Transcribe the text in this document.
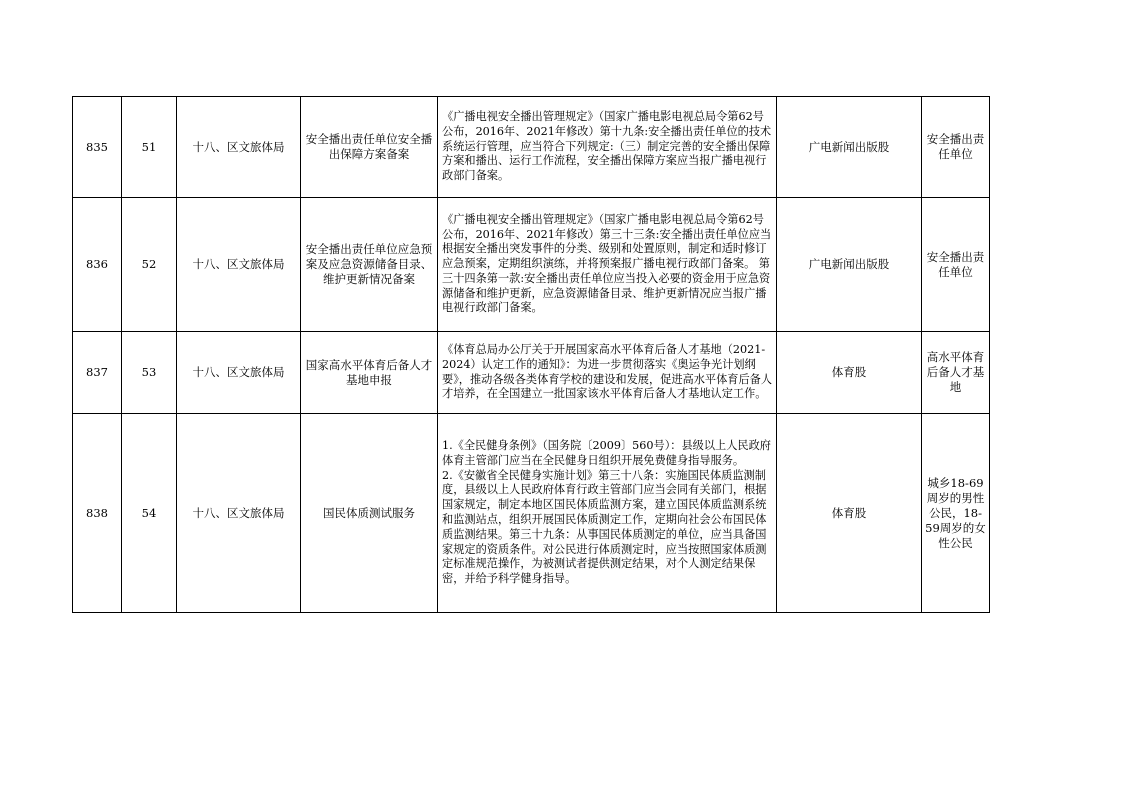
835	51	十八、区文旅体局	安全播出责任单位安全播出保障方案备案	《广播电视安全播出管理规定》（国家广播电影电视总局令第62号公布，2016年、2021年修改）第十九条:安全播出责任单位的技术系统运行管理，应当符合下列规定:（三）制定完善的安全播出保障方案和播出、运行工作流程，安全播出保障方案应当报广播电视行政部门备案。	广电新闻出版股	安全播出责任单位
836	52	十八、区文旅体局	安全播出责任单位应急预案及应急资源储备目录、维护更新情况备案	《广播电视安全播出管理规定》（国家广播电影电视总局令第62号公布，2016年、2021年修改）第三十三条:安全播出责任单位应当根据安全播出突发事件的分类、级别和处置原则，制定和适时修订应急预案，定期组织演练，并将预案报广播电视行政部门备案。 第三十四条第一款:安全播出责任单位应当投入必要的资金用于应急资源储备和维护更新，应急资源储备目录、维护更新情况应当报广播电视行政部门备案。	广电新闻出版股	安全播出责任单位
837	53	十八、区文旅体局	国家高水平体育后备人才基地申报	《体育总局办公厅关于开展国家高水平体育后备人才基地（2021-2024）认定工作的通知》：为进一步贯彻落实《奥运争光计划纲要》，推动各级各类体育学校的建设和发展，促进高水平体育后备人才培养，在全国建立一批国家该水平体育后备人才基地认定工作。	体育股	高水平体育后备人才基地
838	54	十八、区文旅体局	国民体质测试服务	1.《全民健身条例》（国务院〔2009〕560号）：县级以上人民政府体育主管部门应当在全民健身日组织开展免费健身指导服务。
2.《安徽省全民健身实施计划》第三十八条：实施国民体质监测制度，县级以上人民政府体育行政主管部门应当会同有关部门，根据国家规定，制定本地区国民体质监测方案，建立国民体质监测系统和监测站点，组织开展国民体质测定工作，定期向社会公布国民体质监测结果。第三十九条：从事国民体质测定的单位，应当具备国家规定的资质条件。对公民进行体质测定时，应当按照国家体质测定标准规范操作，为被测试者提供测定结果，对个人测定结果保密，并给予科学健身指导。	体育股	城乡18-69周岁的男性公民，18-59周岁的女性公民
